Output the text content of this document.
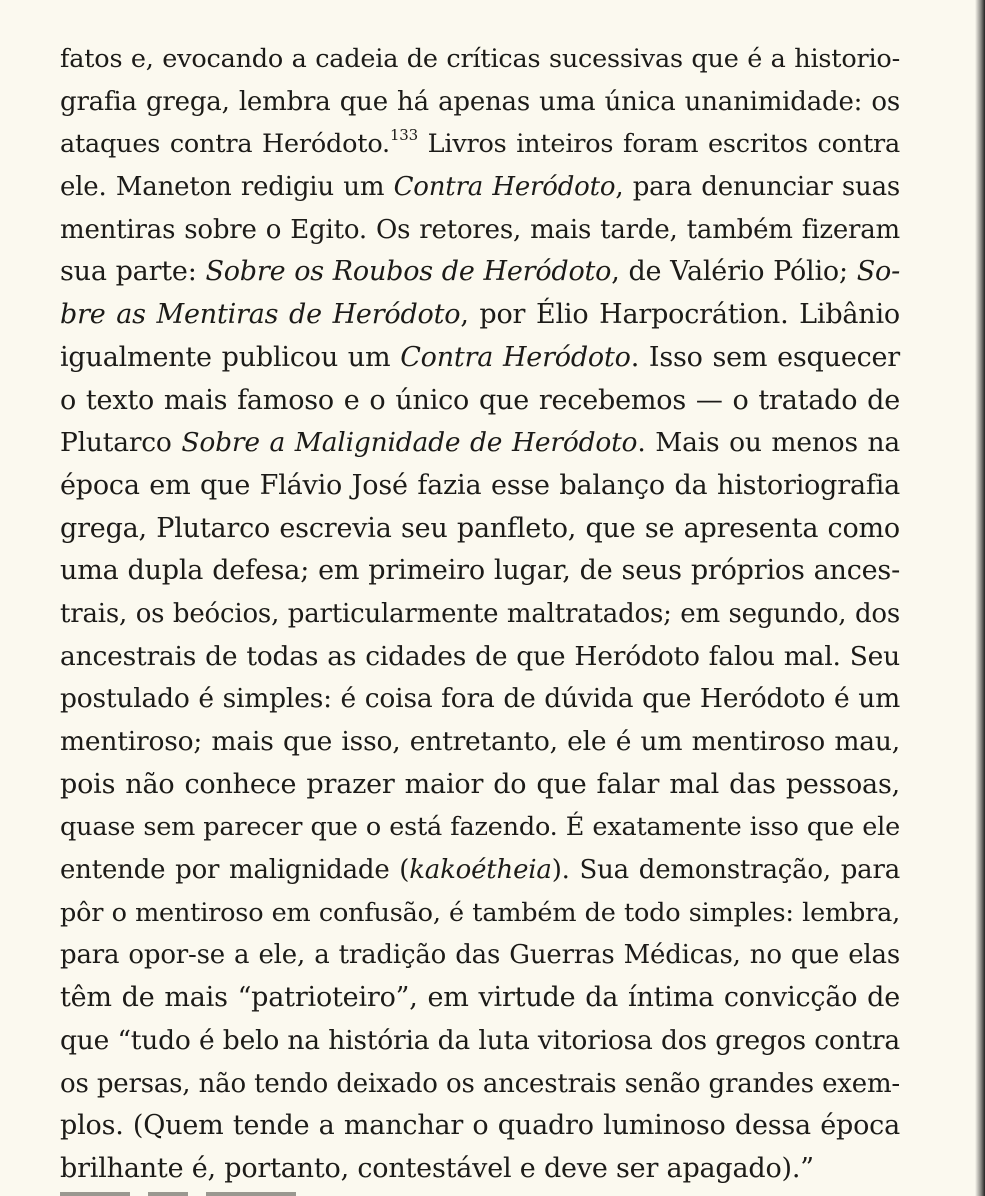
fatos e, evocando a cadeia de críticas sucessivas que é a historio-
grafia grega, lembra que há apenas uma única unanimidade: os
ataques contra Heródoto.$^{133}$ Livros inteiros foram escritos contra
ele. Maneton redigiu um Contra Heródoto, para denunciar suas
mentiras sobre o Egito. Os retores, mais tarde, também fizeram
sua parte: Sobre os Roubos de Heródoto, de Valério Pólio; So-
bre as Mentiras de Heródoto, por Élio Harpocrátion. Libânio
igualmente publicou um Contra Heródoto. Isso sem esquecer
o texto mais famoso e o único que recebemos — o tratado de
Plutarco Sobre a Malignidade de Heródoto. Mais ou menos na
época em que Flávio José fazia esse balanço da historiografia
grega, Plutarco escrevia seu panfleto, que se apresenta como
uma dupla defesa; em primeiro lugar, de seus próprios ances-
trais, os beócios, particularmente maltratados; em segundo, dos
ancestrais de todas as cidades de que Heródoto falou mal. Seu
postulado é simples: é coisa fora de dúvida que Heródoto é um
mentiroso; mais que isso, entretanto, ele é um mentiroso mau,
pois não conhece prazer maior do que falar mal das pessoas,
quase sem parecer que o está fazendo. É exatamente isso que ele
entende por malignidade (kakoétheia). Sua demonstração, para
pôr o mentiroso em confusão, é também de todo simples: lembra,
para opor-se a ele, a tradição das Guerras Médicas, no que elas
têm de mais “patrioteiro”, em virtude da íntima convicção de
que “tudo é belo na história da luta vitoriosa dos gregos contra
os persas, não tendo deixado os ancestrais senão grandes exem-
plos. (Quem tende a manchar o quadro luminoso dessa época
brilhante é, portanto, contestável e deve ser apagado).”
